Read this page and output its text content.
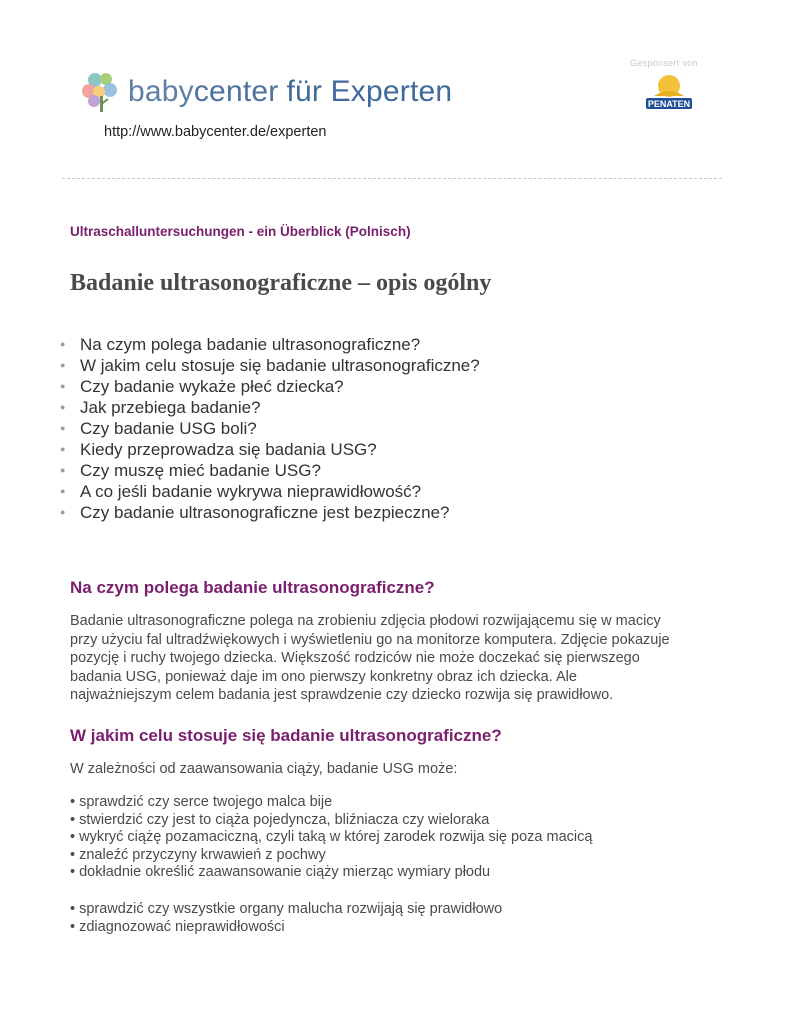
baby center für Experten
http://www.babycenter.de/experten
Gesponsert von
PENATEN
Ultraschalluntersuchungen - ein Überblick (Polnisch)
Badanie ultrasonograficzne – opis ogólny
● Na czym polega badanie ultrasonograficzne?
● W jakim celu stosuje się badanie ultrasonograficzne?
● Czy badanie wykaże płeć dziecka?
● Jak przebiega badanie?
● Czy badanie USG boli?
● Kiedy przeprowadza się badania USG?
● Czy muszę mieć badanie USG?
● A co jeśli badanie wykrywa nieprawidłowość?
● Czy badanie ultrasonograficzne jest bezpieczne?
Na czym polega badanie ultrasonograficzne?
Badanie ultrasonograficzne polega na zrobieniu zdjęcia płodowi rozwijającemu się w macicy
przy użyciu fal ultradźwiękowych i wyświetleniu go na monitorze komputera. Zdjęcie pokazuje
pozycję i ruchy twojego dziecka. Większość rodziców nie może doczekać się pierwszego
badania USG, ponieważ daje im ono pierwszy konkretny obraz ich dziecka. Ale
najważniejszym celem badania jest sprawdzenie czy dziecko rozwija się prawidłowo.
W jakim celu stosuje się badanie ultrasonograficzne?

W zależności od zaawansowania ciąży, badanie USG może:

• sprawdzić czy serce twojego malca bije
• stwierdzić czy jest to ciąża pojedyncza, bliźniacza czy wieloraka
• wykryć ciążę pozamaciczną, czyli taką w której zarodek rozwija się poza macicą
• znaleźć przyczyny krwawień z pochwy
• dokładnie określić zaawansowanie ciąży mierząc wymiary płodu
• sprawdzić czy wszystkie organy malucha rozwijają się prawidłowo
• zdiagnozować nieprawidłowości
